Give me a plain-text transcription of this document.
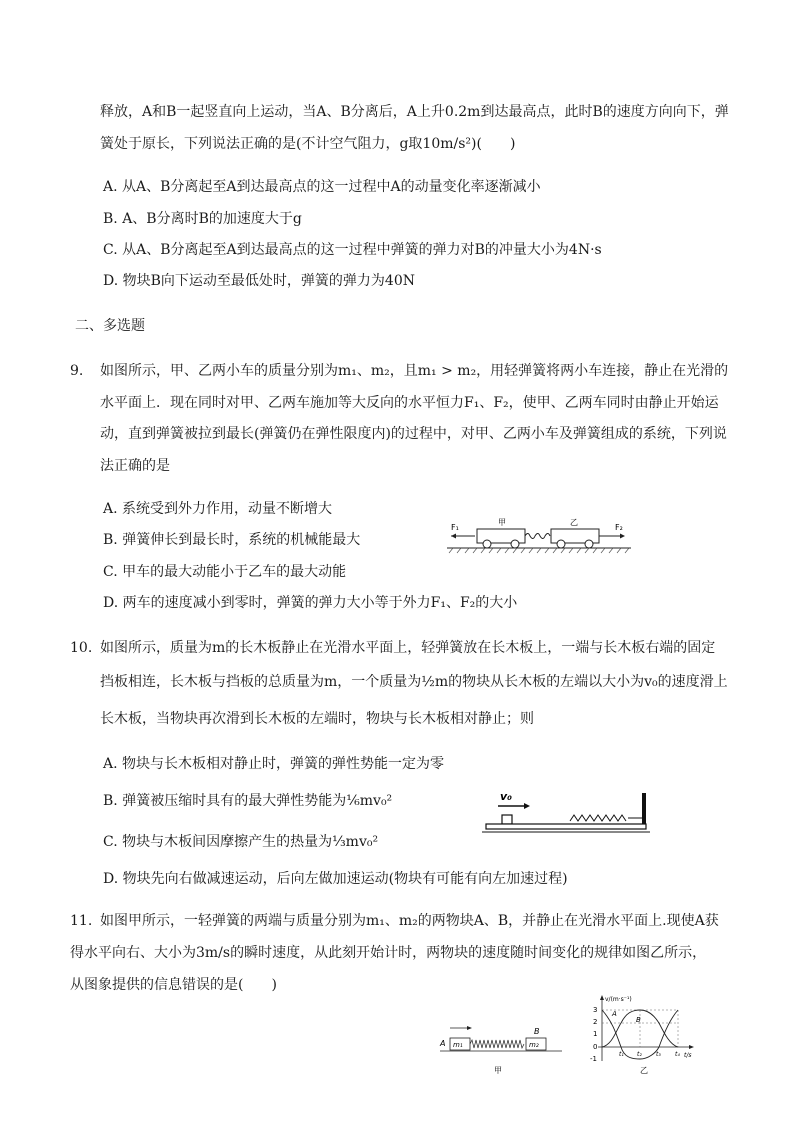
释放，A和B一起竖直向上运动，当A、B分离后，A上升0.2m到达最高点，此时B的速度方向向下，弹
簧处于原长，下列说法正确的是(不计空气阻力，g取10m/s²)(　　)
A. 从A、B分离起至A到达最高点的这一过程中A的动量变化率逐渐减小
B. A、B分离时B的加速度大于g
C. 从A、B分离起至A到达最高点的这一过程中弹簧的弹力对B的冲量大小为4N·s
D. 物块B向下运动至最低处时，弹簧的弹力为40N
二、多选题
9. 如图所示，甲、乙两小车的质量分别为m₁、m₂，且m₁ > m₂，用轻弹簧将两小车连接，静止在光滑的
水平面上．现在同时对甲、乙两车施加等大反向的水平恒力F₁、F₂，使甲、乙两车同时由静止开始运
动，直到弹簧被拉到最长(弹簧仍在弹性限度内)的过程中，对甲、乙两小车及弹簧组成的系统，下列说
法正确的是
A. 系统受到外力作用，动量不断增大
B. 弹簧伸长到最长时，系统的机械能最大
C. 甲车的最大动能小于乙车的最大动能
D. 两车的速度减小到零时，弹簧的弹力大小等于外力F₁、F₂的大小
F₁
甲	乙
F₂
10. 如图所示，质量为m的长木板静止在光滑水平面上，轻弹簧放在长木板上，一端与长木板右端的固定
挡板相连，长木板与挡板的总质量为m，一个质量为½m的物块从长木板的左端以大小为v₀的速度滑上
长木板，当物块再次滑到长木板的左端时，物块与长木板相对静止；则
A. 物块与长木板相对静止时，弹簧的弹性势能一定为零
B. 弹簧被压缩时具有的最大弹性势能为⅙mv₀²
C. 物块与木板间因摩擦产生的热量为⅓mv₀²
D. 物块先向右做减速运动，后向左做加速运动(物块有可能有向左加速过程)
v₀
11. 如图甲所示，一轻弹簧的两端与质量分别为m₁、m₂的两物块A、B，并静止在光滑水平面上.现使A获
得水平向右、大小为3m/s的瞬时速度，从此刻开始计时，两物块的速度随时间变化的规律如图乙所示，
从图象提供的信息错误的是(　　)
A m₁	m₂
B
甲
v/(m·s⁻¹)
t/s
3
2
1
0
-1
A
B
t₁ t₂ t₃ t₄
乙
